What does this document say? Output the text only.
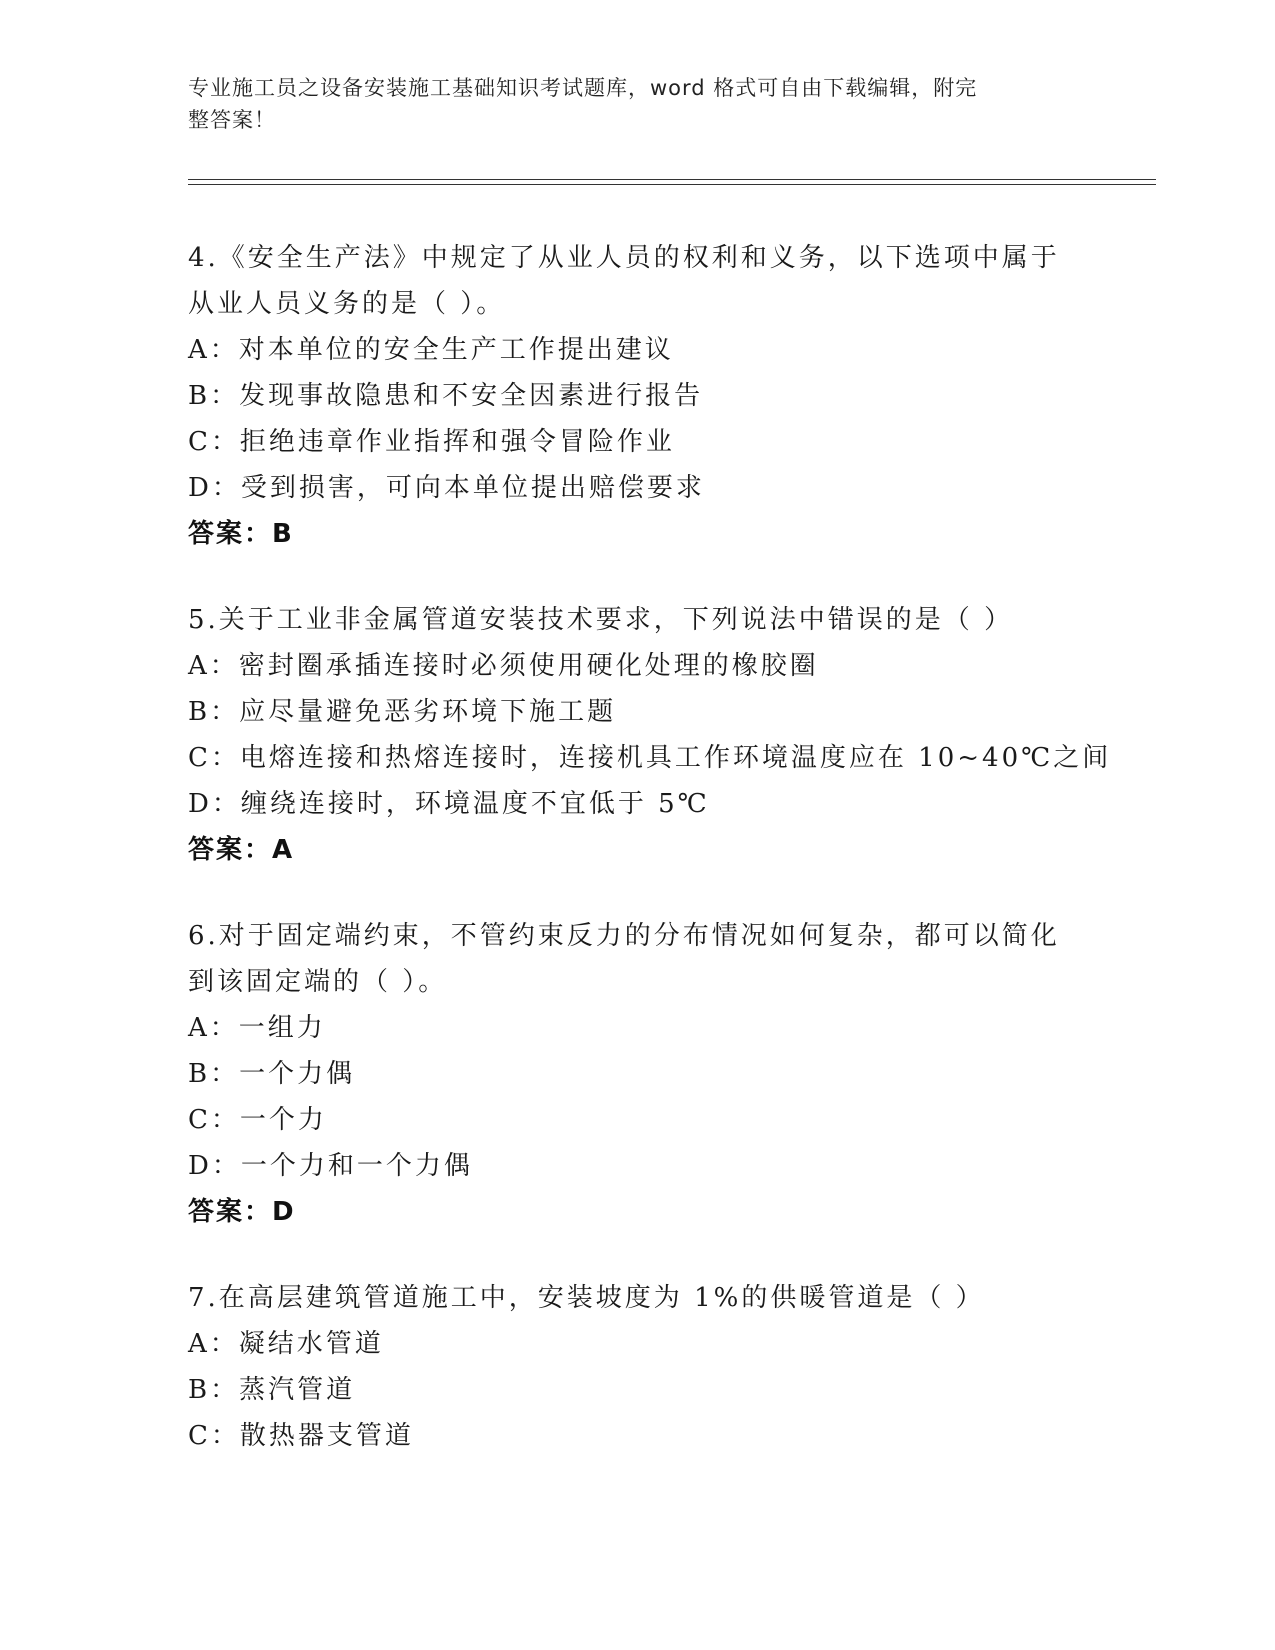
专业施工员之设备安装施工基础知识考试题库，word 格式可自由下载编辑，附完
整答案！
4.《安全生产法》中规定了从业人员的权利和义务，以下选项中属于
从业人员义务的是（ ）。
A：对本单位的安全生产工作提出建议
B：发现事故隐患和不安全因素进行报告
C：拒绝违章作业指挥和强令冒险作业
D：受到损害，可向本单位提出赔偿要求
答案：B
5.关于工业非金属管道安装技术要求，下列说法中错误的是（ ）
A：密封圈承插连接时必须使用硬化处理的橡胶圈
B：应尽量避免恶劣环境下施工题
C：电熔连接和热熔连接时，连接机具工作环境温度应在 10~40℃之间
D：缠绕连接时，环境温度不宜低于 5℃
答案：A
6.对于固定端约束，不管约束反力的分布情况如何复杂，都可以简化
到该固定端的（ ）。
A：一组力
B：一个力偶
C：一个力
D：一个力和一个力偶
答案：D
7.在高层建筑管道施工中，安装坡度为 1%的供暖管道是（ ）
A：凝结水管道
B：蒸汽管道
C：散热器支管道
